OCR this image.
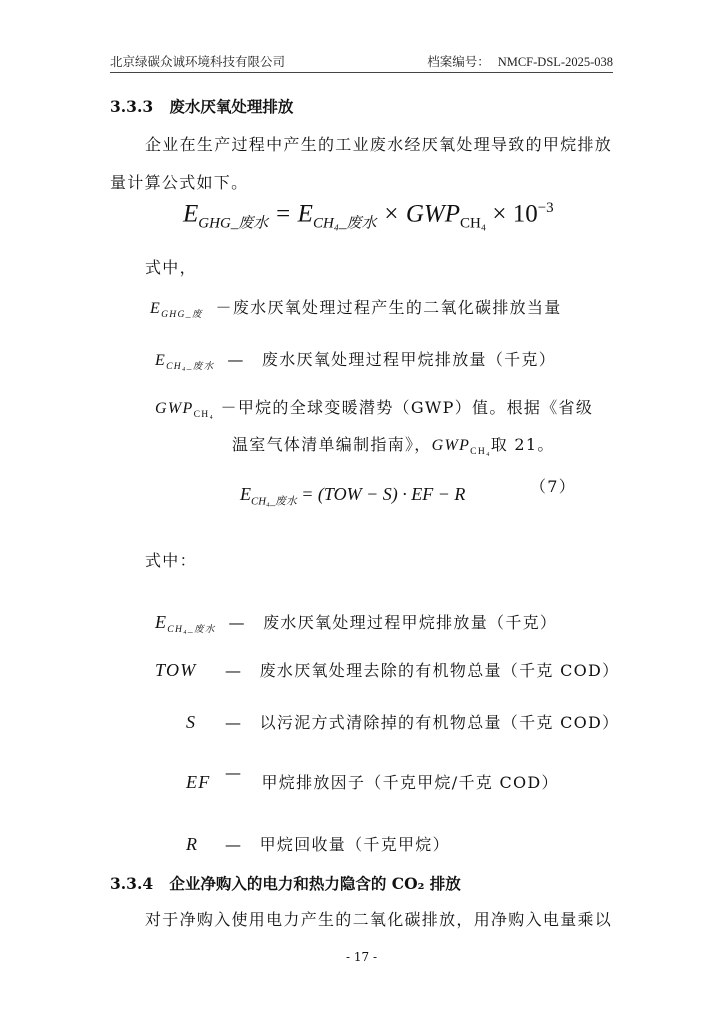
北京绿碳众诚环境科技有限公司	档案编号： NMCF-DSL-2025-038
3.3.3 废水厌氧处理排放
企业在生产过程中产生的工业废水经厌氧处理导致的甲烷排放
量计算公式如下。
$E_{GHG\_废水} = E_{CH_4\_废水} \times GWP_{CH_4} \times 10^{-3}$
式中，
$E_{GHG\_废}$ －废水厌氧处理过程产生的二氧化碳排放当量
$E_{CH_4\_废水}$ —　废水厌氧处理过程甲烷排放量（千克）
$GWP_{CH_4}$ －甲烷的全球变暖潜势（GWP）值。根据《省级
温室气体清单编制指南》，$GWP_{CH_4}$取 21。
$E_{CH_4\_废水} = (TOW - S)$ · EF − R	（7）
式中：
$E_{CH_4\_废水}$ —　废水厌氧处理过程甲烷排放量（千克）
TOW —　废水厌氧处理去除的有机物总量（千克 COD）
S —　以污泥方式清除掉的有机物总量（千克 COD）
EF —   甲烷排放因子（千克甲烷/千克 COD）
R —　甲烷回收量（千克甲烷）
3.3.4 企业净购入的电力和热力隐含的 CO₂ 排放
对于净购入使用电力产生的二氧化碳排放，用净购入电量乘以
- 17 -
